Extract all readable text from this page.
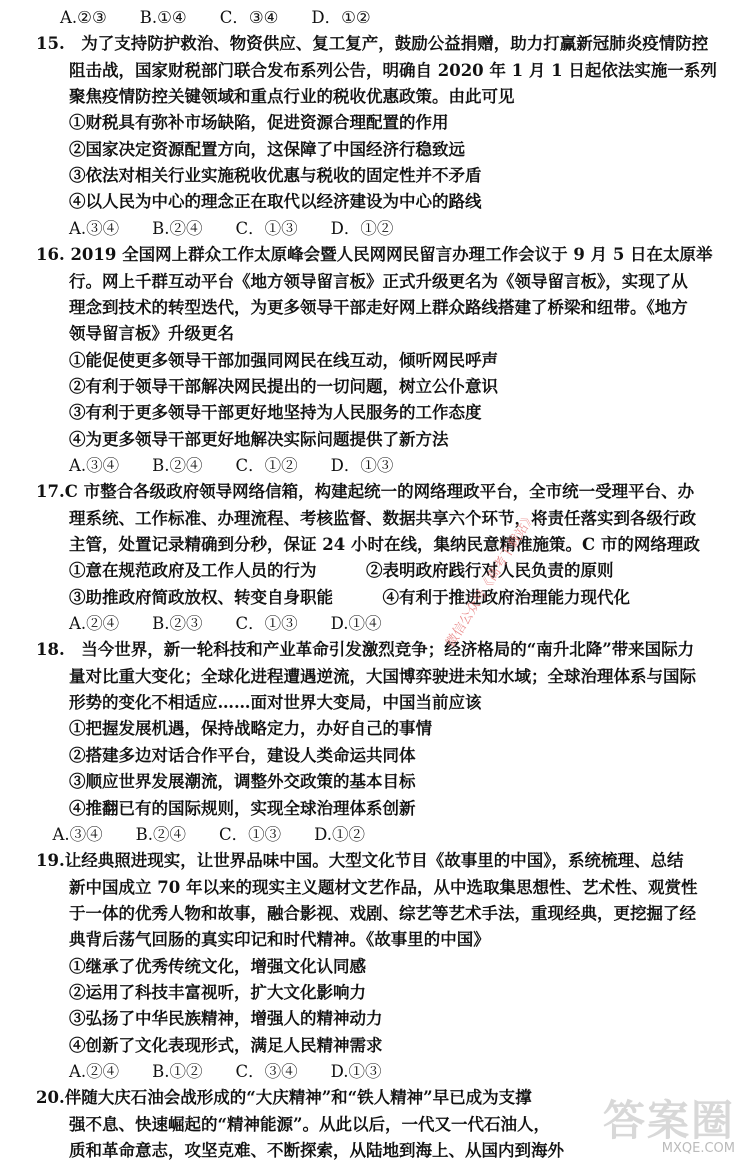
A.②③　　B.①④　　C．③④　　D．①②
15.　为了支持防护救治、物资供应、复工复产，鼓励公益捐赠，助力打赢新冠肺炎疫情防控
　　阻击战，国家财税部门联合发布系列公告，明确自 2020 年 1 月 1 日起依法实施一系列
　　聚焦疫情防控关键领域和重点行业的税收优惠政策。由此可见
　　①财税具有弥补市场缺陷，促进资源合理配置的作用
　　②国家决定资源配置方向，这保障了中国经济行稳致远
　　③依法对相关行业实施税收优惠与税收的固定性并不矛盾
　　④以人民为中心的理念正在取代以经济建设为中心的路线
　　A.③④　　B.②④　　C．①③　　D．①②
16. 2019 全国网上群众工作太原峰会暨人民网网民留言办理工作会议于 9 月 5 日在太原举
　　行。网上千群互动平台《地方领导留言板》正式升级更名为《领导留言板》，实现了从
　　理念到技术的转型迭代，为更多领导干部走好网上群众路线搭建了桥梁和纽带。《地方
　　领导留言板》升级更名
　　①能促使更多领导干部加强同网民在线互动，倾听网民呼声
　　②有利于领导干部解决网民提出的一切问题，树立公仆意识
　　③有利于更多领导干部更好地坚持为人民服务的工作态度
　　④为更多领导干部更好地解决实际问题提供了新方法
　　A.③④　　B.②④　　C．①②　　D．①③
17.C 市整合各级政府领导网络信箱，构建起统一的网络理政平台，全市统一受理平台、办
　　理系统、工作标准、办理流程、考核监督、数据共享六个环节，将责任落实到各级行政
　　主管，处置记录精确到分秒，保证 24 小时在线，集纳民意精准施策。C 市的网络理政
　　①意在规范政府及工作人员的行为　　　②表明政府践行对人民负责的原则
　　③助推政府简政放权、转变自身职能　　　④有利于推进政府治理能力现代化
　　A.②④　　B.②③　　C．①③　　D.①④
18.　当今世界，新一轮科技和产业革命引发激烈竞争；经济格局的“南升北降”带来国际力
　　量对比重大变化；全球化进程遭遇逆流，大国博弈驶进未知水域；全球治理体系与国际
　　形势的变化不相适应……面对世界大变局，中国当前应该
　　①把握发展机遇，保持战略定力，办好自己的事情
　　②搭建多边对话合作平台，建设人类命运共同体
　　③顺应世界发展潮流，调整外交政策的基本目标
　　④推翻已有的国际规则，实现全球治理体系创新
　A.③④　　B.②④　　C．①③　　D.①②
19.让经典照进现实，让世界品味中国。大型文化节目《故事里的中国》，系统梳理、总结
　　新中国成立 70 年以来的现实主义题材文艺作品，从中选取集思想性、艺术性、观赏性
　　于一体的优秀人物和故事，融合影视、戏剧、综艺等艺术手法，重现经典，更挖掘了经
　　典背后荡气回肠的真实印记和时代精神。《故事里的中国》
　　①继承了优秀传统文化，增强文化认同感
　　②运用了科技丰富视听，扩大文化影响力
　　③弘扬了中华民族精神，增强人的精神动力
　　④创新了文化表现形式，满足人民精神需求
　　A.②④　　B.①②　　C．③④　　D.①③
20.伴随大庆石油会战形成的“大庆精神”和“铁人精神”早已成为支撑
　　强不息、快速崛起的“精神能源”。从此以后，一代又一代石油人，
　　质和革命意志，攻坚克难、不断探索，从陆地到海上、从国内到海外
微信公众号《高考下载站》
答案圈
MXQE.COM
